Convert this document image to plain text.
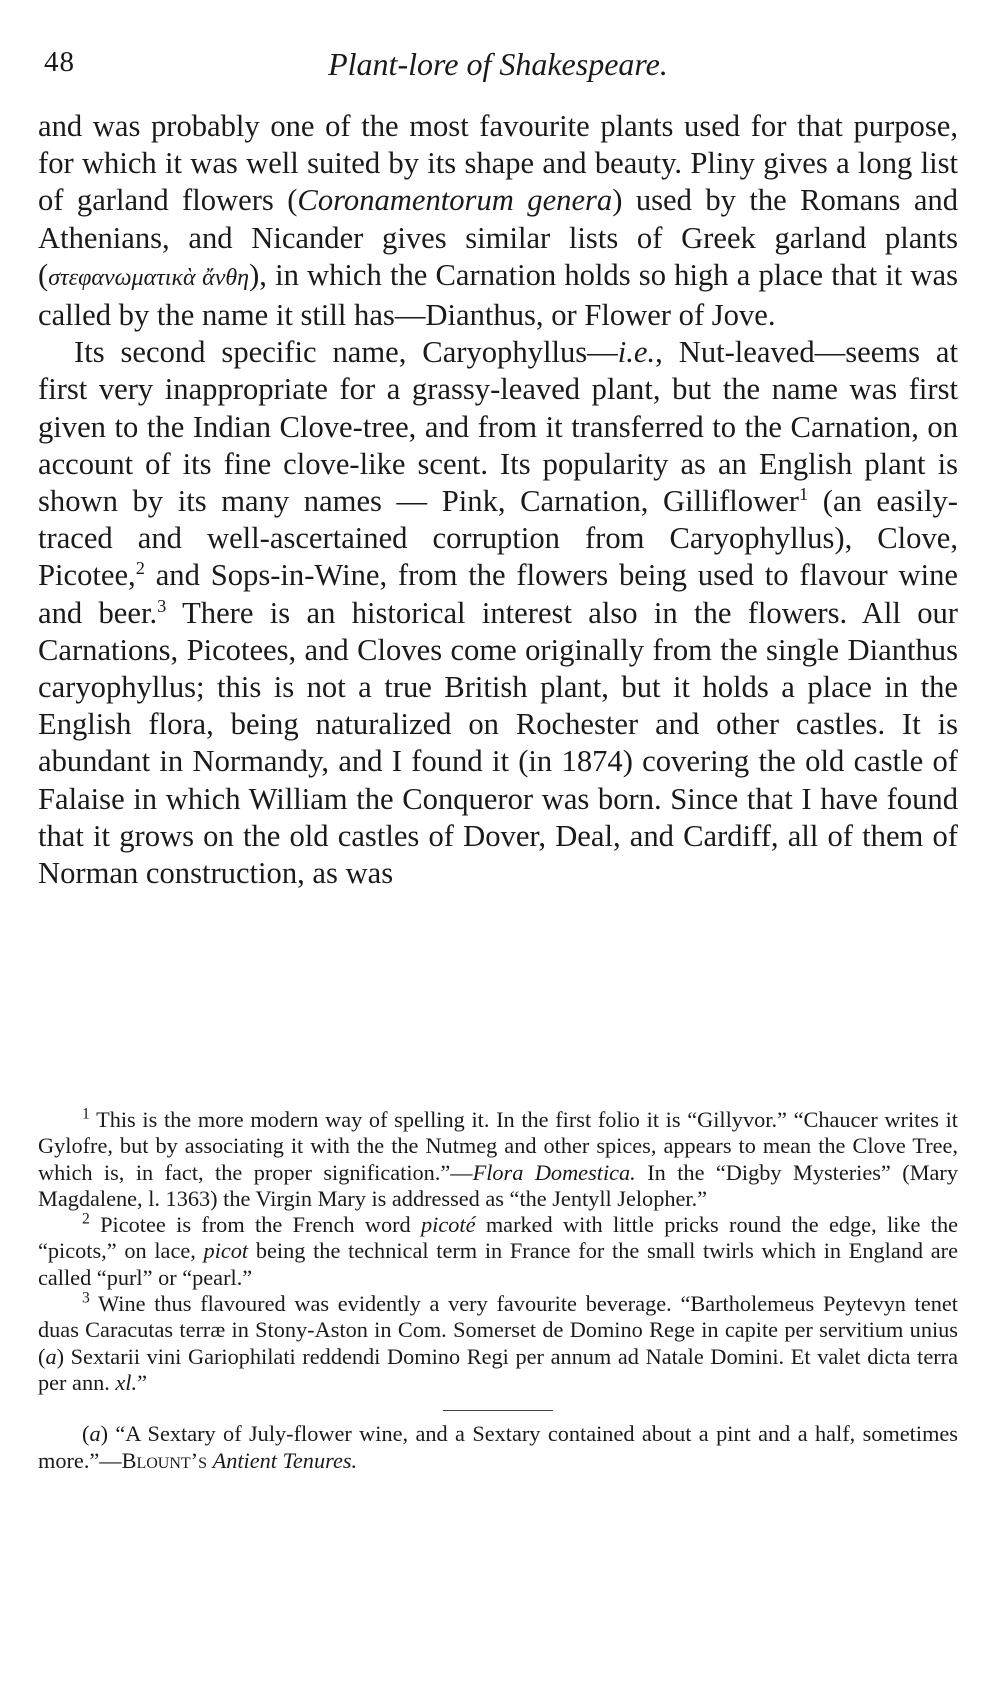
48	Plant-lore of Shakespeare.

and was probably one of the most favourite plants used for that purpose, for which it was well suited by its shape and beauty. Pliny gives a long list of garland flowers (Coronamentorum genera) used by the Romans and Athenians, and Nicander gives similar lists of Greek garland plants (στεφανωματικὰ ἄνθη), in which the Carnation holds so high a place that it was called by the name it still has—Dianthus, or Flower of Jove.

Its second specific name, Caryophyllus—i.e., Nut-leaved—seems at first very inappropriate for a grassy-leaved plant, but the name was first given to the Indian Clove-tree, and from it transferred to the Carnation, on account of its fine clove-like scent. Its popularity as an English plant is shown by its many names — Pink, Carnation, Gilliflower$^1$ (an easily-traced and well-ascertained corruption from Caryophyllus), Clove, Picotee,$^2$ and Sops-in-Wine, from the flowers being used to flavour wine and beer.$^3$ There is an historical interest also in the flowers. All our Carnations, Picotees, and Cloves come originally from the single Dianthus caryophyllus; this is not a true British plant, but it holds a place in the English flora, being naturalized on Rochester and other castles. It is abundant in Normandy, and I found it (in 1874) covering the old castle of Falaise in which William the Conqueror was born. Since that I have found that it grows on the old castles of Dover, Deal, and Cardiff, all of them of Norman construction, as was

$^1$ This is the more modern way of spelling it. In the first folio it is “Gillyvor.” “Chaucer writes it Gylofre, but by associating it with the the Nutmeg and other spices, appears to mean the Clove Tree, which is, in fact, the proper signification.”—Flora Domestica. In the “Digby Mysteries” (Mary Magdalene, l. 1363) the Virgin Mary is addressed as “the Jentyll Jelopher.”

$^2$ Picotee is from the French word picoté marked with little pricks round the edge, like the “picots,” on lace, picot being the technical term in France for the small twirls which in England are called “purl” or “pearl.”

$^3$ Wine thus flavoured was evidently a very favourite beverage. “Bartholemeus Peytevyn tenet duas Caracutas terræ in Stony-Aston in Com. Somerset de Domino Rege in capite per servitium unius (a) Sextarii vini Gariophilati reddendi Domino Regi per annum ad Natale Domini. Et valet dicta terra per ann. xl.”

(a) “A Sextary of July-flower wine, and a Sextary contained about a pint and a half, sometimes more.”—Blount’s Antient Tenures.
